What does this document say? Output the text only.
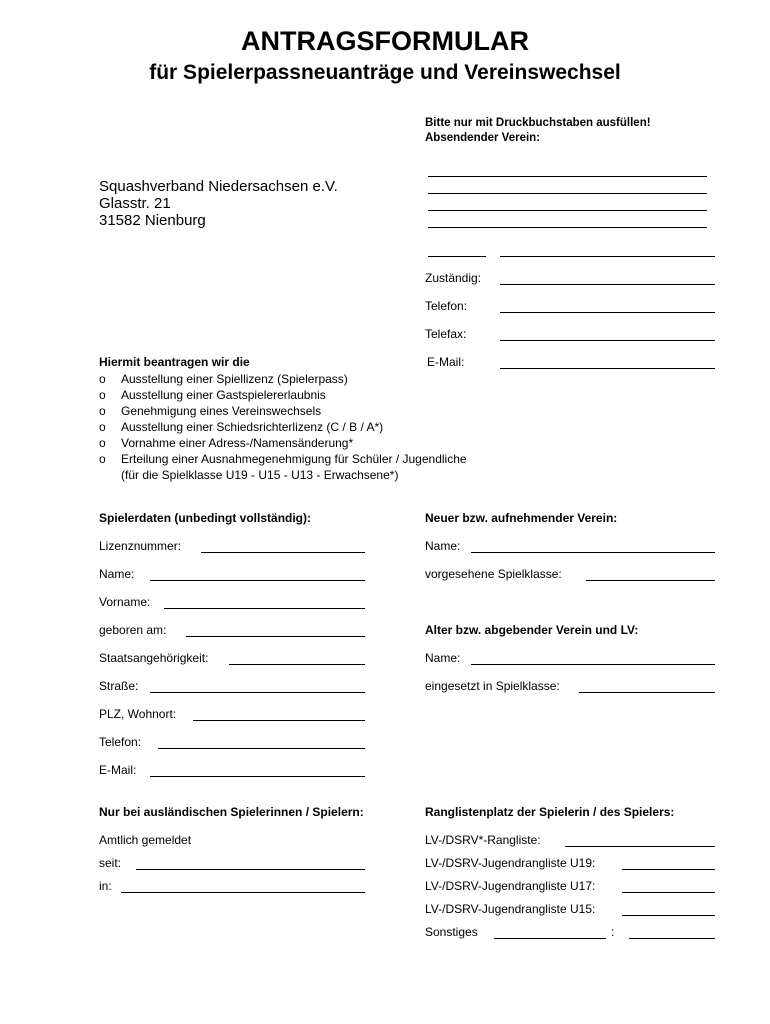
ANTRAGSFORMULAR
für Spielerpassneuanträge und Vereinswechsel
Bitte nur mit Druckbuchstaben ausfüllen!
Absendender Verein:
Squashverband Niedersachsen e.V.
Glasstr. 21
31582 Nienburg
Zuständig:
Telefon:
Telefax:
E-Mail:
Hiermit beantragen wir die
o Ausstellung einer Spiellizenz (Spielerpass)
o Ausstellung einer Gastspielererlaubnis
o Genehmigung eines Vereinswechsels
o Ausstellung einer Schiedsrichterlizenz (C / B / A*)
o Vornahme einer Adress-/Namensänderung*
o Erteilung einer Ausnahmegenehmigung für Schüler / Jugendliche
(für die Spielklasse U19 - U15 - U13 - Erwachsene*)
Spielerdaten (unbedingt vollständig):
Lizenznummer:
Name:
Vorname:
geboren am:
Staatsangehörigkeit:
Straße:
PLZ, Wohnort:
Telefon:
E-Mail:
Neuer bzw. aufnehmender Verein:
Name:
vorgesehene Spielklasse:
Alter bzw. abgebender Verein und LV:
Name:
eingesetzt in Spielklasse:
Nur bei ausländischen Spielerinnen / Spielern:
Amtlich gemeldet
seit:
in:
Ranglistenplatz der Spielerin / des Spielers:
LV-/DSRV*-Rangliste:
LV-/DSRV-Jugendrangliste U19:
LV-/DSRV-Jugendrangliste U17:
LV-/DSRV-Jugendrangliste U15:
Sonstiges	:
